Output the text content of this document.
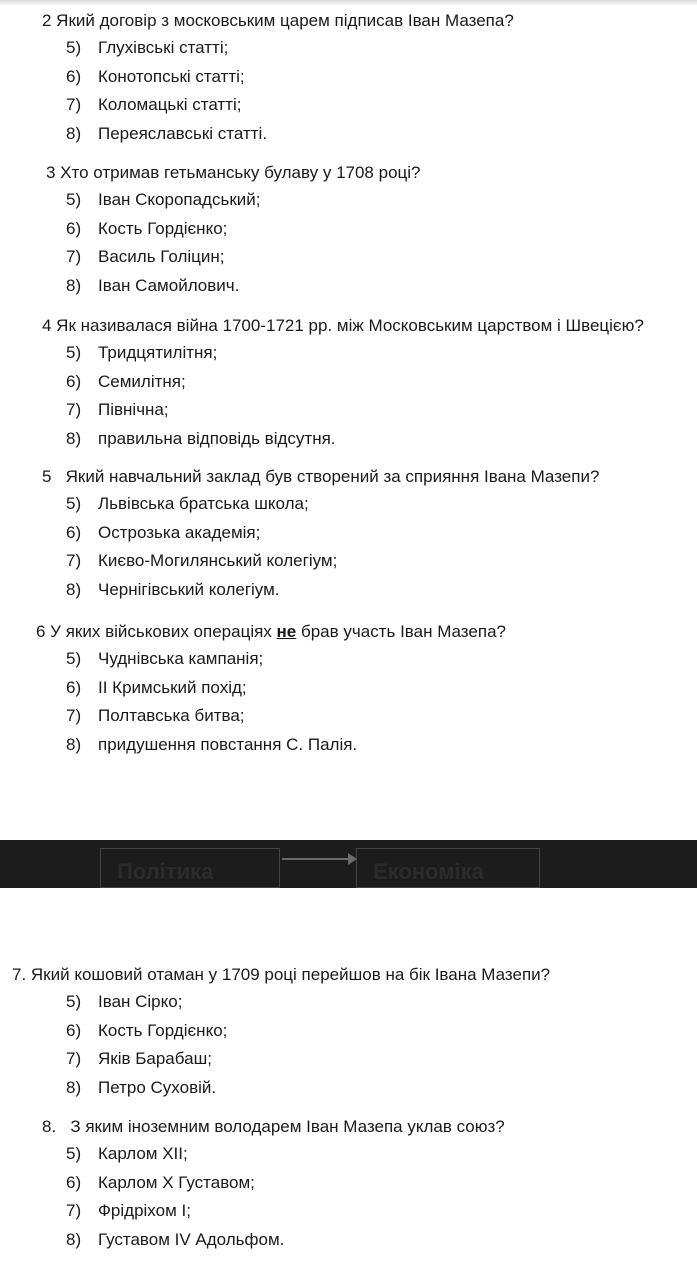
2 Який договір з московським царем підписав Іван Мазепа?
5) Глухівські статті;
6) Конотопські статті;
7) Коломацькі статті;
8) Переяславські статті.
3 Хто отримав гетьманську булаву у 1708 році?
5) Іван Скоропадський;
6) Кость Гордієнко;
7) Василь Голіцин;
8) Іван Самойлович.
4 Як називалася війна 1700-1721 рр. між Московським царством і Швецією?
5) Тридцятилітня;
6) Семилітня;
7) Північна;
8) правильна відповідь відсутня.
5   Який навчальний заклад був створений за сприяння Івана Мазепи?
5) Львівська братська школа;
6) Острозька академія;
7) Києво-Могилянський колегіум;
8) Чернігівський колегіум.
6 У яких військових операціях не брав участь Іван Мазепа?
5) Чуднівська кампанія;
6) ІІ Кримський похід;
7) Полтавська битва;
8) придушення повстання С. Палія.
Політика	Економіка
7. Який кошовий отаман у 1709 році перейшов на бік Івана Мазепи?
5) Іван Сірко;
6) Кость Гордієнко;
7) Яків Барабаш;
8) Петро Суховій.
8.   З яким іноземним володарем Іван Мазепа уклав союз?
5) Карлом XII;
6) Карлом Х Густавом;
7) Фрідріхом I;
8) Густавом IV Адольфом.
